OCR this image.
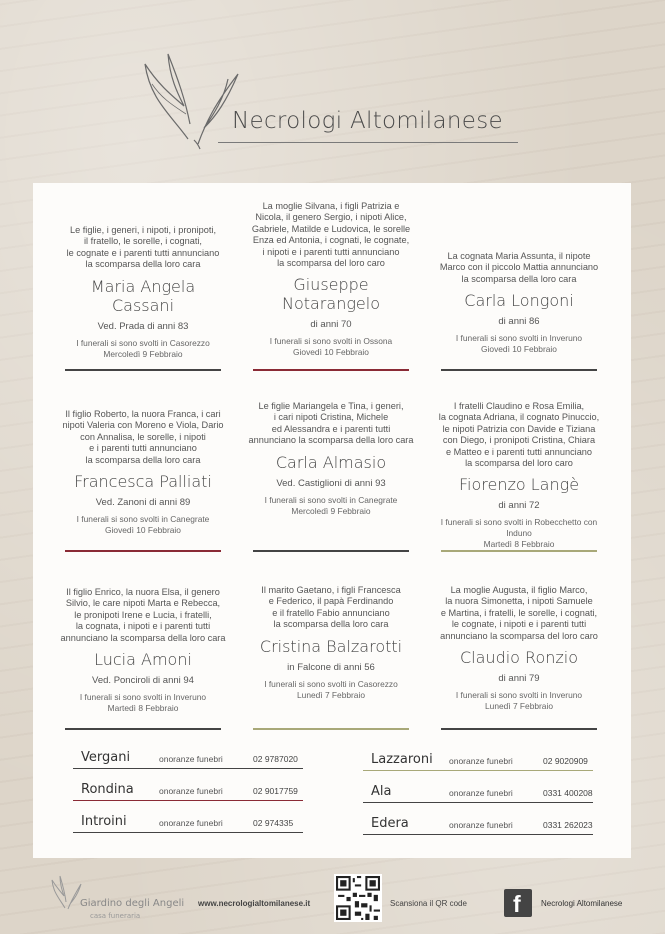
Necrologi Altomilanese
Le figlie, i generi, i nipoti, i pronipoti,
il fratello, le sorelle, i cognati,
le cognate e i parenti tutti annunciano
la scomparsa della loro cara
Maria Angela
Cassani
Ved. Prada di anni 83
I funerali si sono svolti in Casorezzo
Mercoledì 9 Febbraio
La moglie Silvana, i figli Patrizia e
Nicola, il genero Sergio, i nipoti Alice,
Gabriele, Matilde e Ludovica, le sorelle
Enza ed Antonia, i cognati, le cognate,
i nipoti e i parenti tutti annunciano
la scomparsa del loro caro
Giuseppe
Notarangelo
di anni 70
I funerali si sono svolti in Ossona
Giovedì 10 Febbraio
La cognata Maria Assunta, il nipote
Marco con il piccolo Mattia annunciano
la scomparsa della loro cara
Carla Longoni
di anni 86
I funerali si sono svolti in Inveruno
Giovedì 10 Febbraio
Il figlio Roberto, la nuora Franca, i cari
nipoti Valeria con Moreno e Viola, Dario
con Annalisa, le sorelle, i nipoti
e i parenti tutti annunciano
la scomparsa della loro cara
Francesca Palliati
Ved. Zanoni di anni 89
I funerali si sono svolti in Canegrate
Giovedì 10 Febbraio
Le figlie Mariangela e Tina, i generi,
i cari nipoti Cristina, Michele
ed Alessandra e i parenti tutti
annunciano la scomparsa della loro cara
Carla Almasio
Ved. Castiglioni di anni 93
I funerali si sono svolti in Canegrate
Mercoledì 9 Febbraio
I fratelli Claudino e Rosa Emilia,
la cognata Adriana, il cognato Pinuccio,
le nipoti Patrizia con Davide e Tiziana
con Diego, i pronipoti Cristina, Chiara
e Matteo e i parenti tutti annunciano
la scomparsa del loro caro
Fiorenzo Langè
di anni 72
I funerali si sono svolti in Robecchetto con Induno
Martedì 8 Febbraio
Il figlio Enrico, la nuora Elsa, il genero
Silvio, le care nipoti Marta e Rebecca,
le pronipoti Irene e Lucia, i fratelli,
la cognata, i nipoti e i parenti tutti
annunciano la scomparsa della loro cara
Lucia Amoni
Ved. Ponciroli di anni 94
I funerali si sono svolti in Inveruno
Martedì 8 Febbraio
Il marito Gaetano, i figli Francesca
e Federico, il papà Ferdinando
e il fratello Fabio annunciano
la scomparsa della loro cara
Cristina Balzarotti
in Falcone di anni 56
I funerali si sono svolti in Casorezzo
Lunedì 7 Febbraio
La moglie Augusta, il figlio Marco,
la nuora Simonetta, i nipoti Samuele
e Martina, i fratelli, le sorelle, i cognati,
le cognate, i nipoti e i parenti tutti
annunciano la scomparsa del loro caro
Claudio Ronzio
di anni 79
I funerali si sono svolti in Inveruno
Lunedì 7 Febbraio
Vergani	onoranze funebri	02 9787020
Rondina	onoranze funebri	02 9017759
Introini	onoranze funebri	02 974335
Lazzaroni onoranze funebri	02 9020909
Ala	onoranze funebri	0331 400208
Edera	onoranze funebri	0331 262023
Giardino degli Angeli
casa funeraria
www.necrologialtomilanese.it	Scansiona il QR code f	Necrologi Altomilanese
